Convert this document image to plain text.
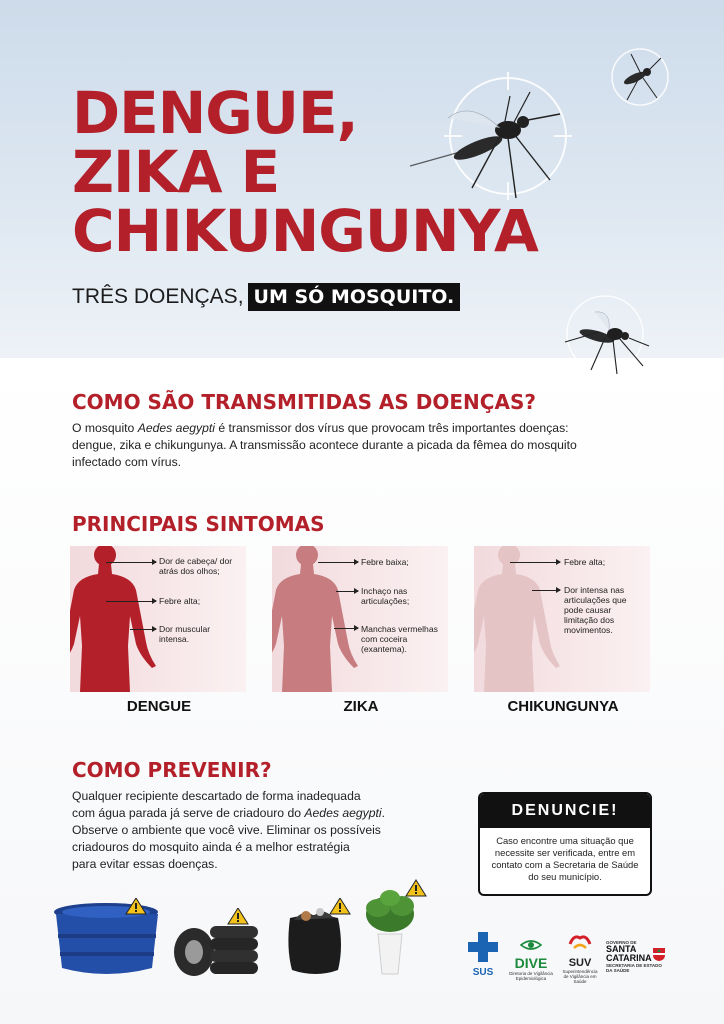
DENGUE,
ZIKA E
CHIKUNGUNYA
TRÊS DOENÇAS, UM SÓ MOSQUITO.
COMO SÃO TRANSMITIDAS AS DOENÇAS?
O mosquito Aedes aegypti é transmissor dos vírus que provocam três importantes doenças:
dengue, zika e chikungunya. A transmissão acontece durante a picada da fêmea do mosquito
infectado com vírus.
PRINCIPAIS SINTOMAS
Dor de cabeça/ dor atrás dos olhos;
Febre alta;
Dor muscular intensa.
Febre baixa;
Inchaço nas articulações;
Manchas vermelhas com coceira (exantema).
Febre alta;
Dor intensa nas articulações que pode causar limitação dos movimentos.
DENGUE	ZIKA	CHIKUNGUNYA
COMO PREVENIR?
Qualquer recipiente descartado de forma inadequada
com água parada já serve de criadouro do Aedes aegypti.
Observe o ambiente que você vive. Eliminar os possíveis
criadouros do mosquito ainda é a melhor estratégia
para evitar essas doenças.
DENUNCIE!
Caso encontre uma situação que necessite ser verificada, entre em contato com a Secretaria de Saúde do seu município.
SUS
DIVE
Diretoria de Vigilância Epidemiológica
SUV
Superintendência de Vigilância em Saúde
GOVERNO DE
SANTA
CATARINA
SECRETARIA DE ESTADO DA SAÚDE
